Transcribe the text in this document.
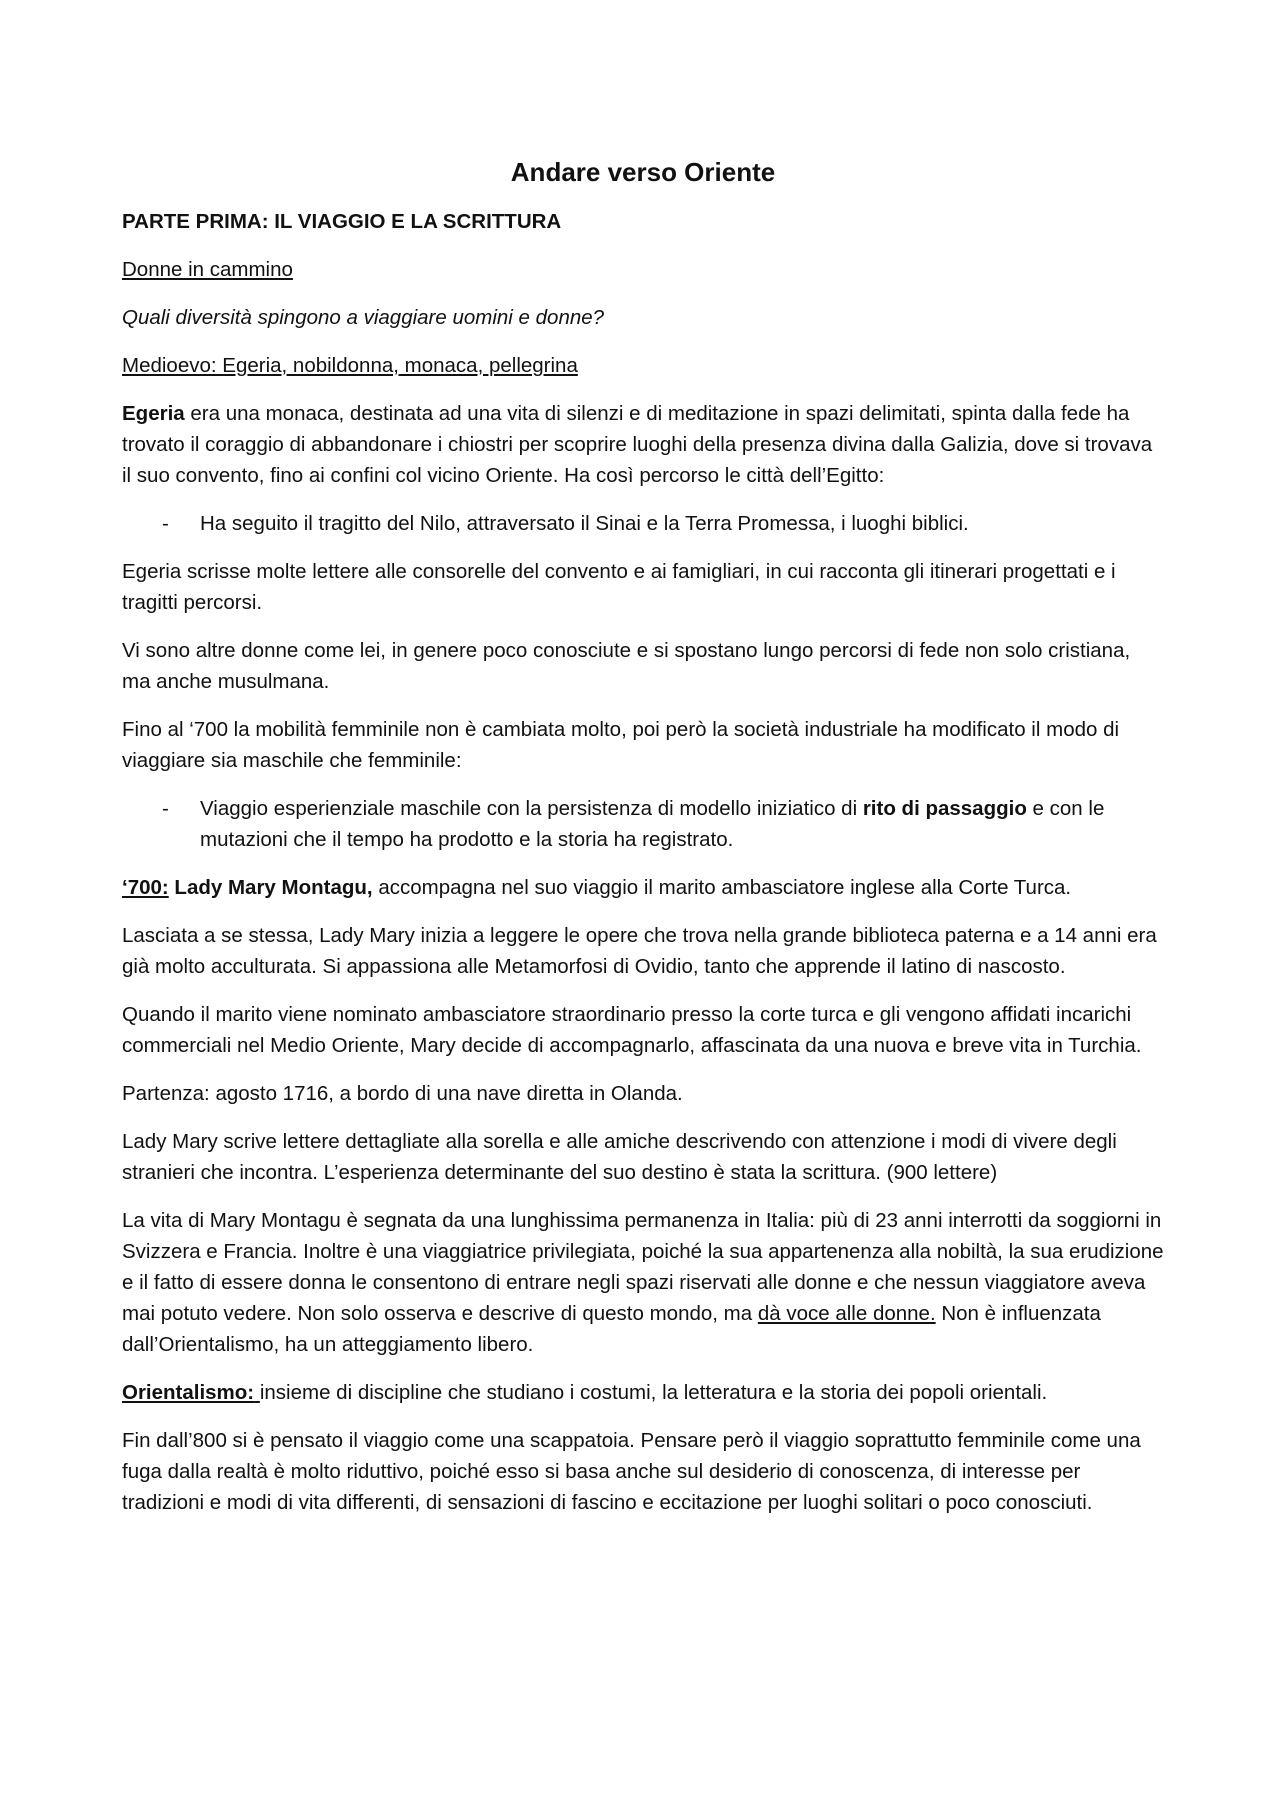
Andare verso Oriente

PARTE PRIMA: IL VIAGGIO E LA SCRITTURA

Donne in cammino

Quali diversità spingono a viaggiare uomini e donne?

Medioevo: Egeria, nobildonna, monaca, pellegrina

Egeria era una monaca, destinata ad una vita di silenzi e di meditazione in spazi delimitati, spinta dalla fede ha trovato il coraggio di abbandonare i chiostri per scoprire luoghi della presenza divina dalla Galizia, dove si trovava il suo convento, fino ai confini col vicino Oriente. Ha così percorso le città dell’Egitto:

- Ha seguito il tragitto del Nilo, attraversato il Sinai e la Terra Promessa, i luoghi biblici.

Egeria scrisse molte lettere alle consorelle del convento e ai famigliari, in cui racconta gli itinerari progettati e i tragitti percorsi.

Vi sono altre donne come lei, in genere poco conosciute e si spostano lungo percorsi di fede non solo cristiana, ma anche musulmana.

Fino al ‘700 la mobilità femminile non è cambiata molto, poi però la società industriale ha modificato il modo di viaggiare sia maschile che femminile:

- Viaggio esperienziale maschile con la persistenza di modello iniziatico di rito di passaggio e con le mutazioni che il tempo ha prodotto e la storia ha registrato.

‘700: Lady Mary Montagu, accompagna nel suo viaggio il marito ambasciatore inglese alla Corte Turca.

Lasciata a se stessa, Lady Mary inizia a leggere le opere che trova nella grande biblioteca paterna e a 14 anni era già molto acculturata. Si appassiona alle Metamorfosi di Ovidio, tanto che apprende il latino di nascosto.

Quando il marito viene nominato ambasciatore straordinario presso la corte turca e gli vengono affidati incarichi commerciali nel Medio Oriente, Mary decide di accompagnarlo, affascinata da una nuova e breve vita in Turchia.

Partenza: agosto 1716, a bordo di una nave diretta in Olanda.

Lady Mary scrive lettere dettagliate alla sorella e alle amiche descrivendo con attenzione i modi di vivere degli stranieri che incontra. L’esperienza determinante del suo destino è stata la scrittura. (900 lettere)

La vita di Mary Montagu è segnata da una lunghissima permanenza in Italia: più di 23 anni interrotti da soggiorni in Svizzera e Francia. Inoltre è una viaggiatrice privilegiata, poiché la sua appartenenza alla nobiltà, la sua erudizione e il fatto di essere donna le consentono di entrare negli spazi riservati alle donne e che nessun viaggiatore aveva mai potuto vedere. Non solo osserva e descrive di questo mondo, ma dà voce alle donne. Non è influenzata dall’Orientalismo, ha un atteggiamento libero.

Orientalismo: insieme di discipline che studiano i costumi, la letteratura e la storia dei popoli orientali.

Fin dall’800 si è pensato il viaggio come una scappatoia. Pensare però il viaggio soprattutto femminile come una fuga dalla realtà è molto riduttivo, poiché esso si basa anche sul desiderio di conoscenza, di interesse per tradizioni e modi di vita differenti, di sensazioni di fascino e eccitazione per luoghi solitari o poco conosciuti.
